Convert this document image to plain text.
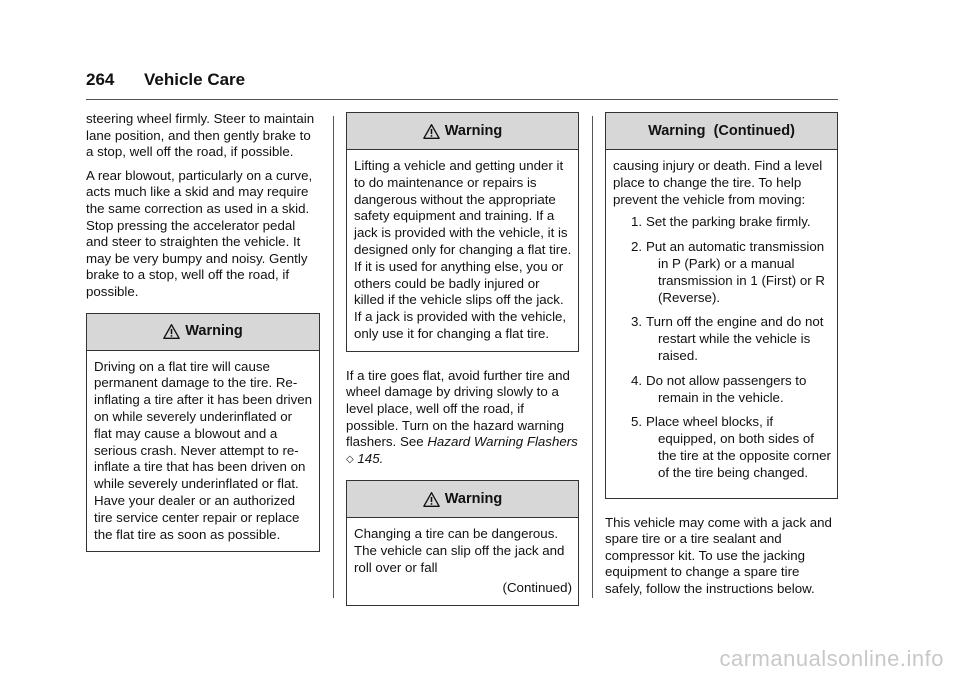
264 Vehicle Care

steering wheel firmly. Steer to maintain lane position, and then gently brake to a stop, well off the road, if possible.

A rear blowout, particularly on a curve, acts much like a skid and may require the same correction as used in a skid. Stop pressing the accelerator pedal and steer to straighten the vehicle. It may be very bumpy and noisy. Gently brake to a stop, well off the road, if possible.

Warning

Driving on a flat tire will cause permanent damage to the tire. Re-inflating a tire after it has been driven on while severely underinflated or flat may cause a blowout and a serious crash. Never attempt to re-inflate a tire that has been driven on while severely underinflated or flat. Have your dealer or an authorized tire service center repair or replace the flat tire as soon as possible.

Warning

Lifting a vehicle and getting under it to do maintenance or repairs is dangerous without the appropriate safety equipment and training. If a jack is provided with the vehicle, it is designed only for changing a flat tire. If it is used for anything else, you or others could be badly injured or killed if the vehicle slips off the jack. If a jack is provided with the vehicle, only use it for changing a flat tire.

If a tire goes flat, avoid further tire and wheel damage by driving slowly to a level place, well off the road, if possible. Turn on the hazard warning flashers. See Hazard Warning Flashers ◇ 145.

Warning

Changing a tire can be dangerous. The vehicle can slip off the jack and roll over or fall

(Continued)
Warning  (Continued)

causing injury or death. Find a level place to change the tire. To help prevent the vehicle from moving:

1. Set the parking brake firmly.
2. Put an automatic transmission in P (Park) or a manual transmission in 1 (First) or R (Reverse).
3. Turn off the engine and do not restart while the vehicle is raised.
4. Do not allow passengers to remain in the vehicle.
5. Place wheel blocks, if equipped, on both sides of the tire at the opposite corner of the tire being changed.

This vehicle may come with a jack and spare tire or a tire sealant and compressor kit. To use the jacking equipment to change a spare tire safely, follow the instructions below.

carmanualsonline.info
